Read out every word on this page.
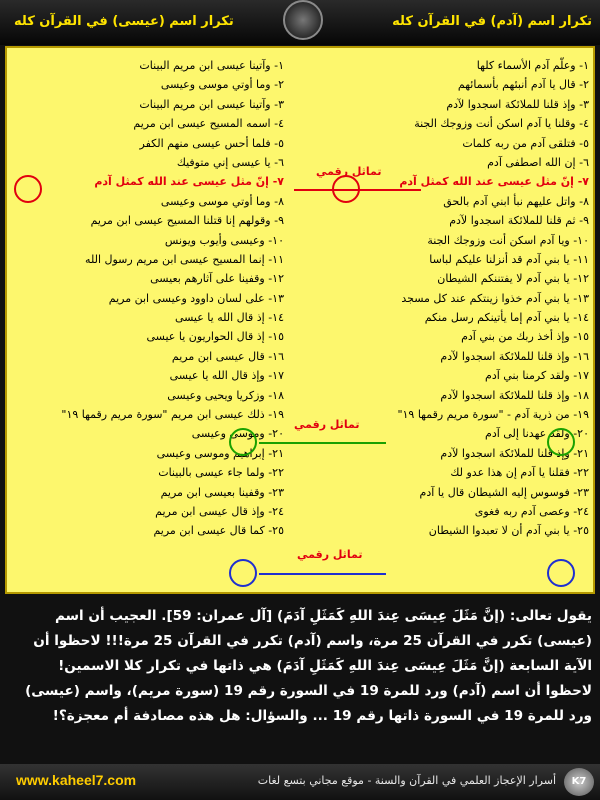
تكرار اسم (آدم) في القرآن كله
تكرار اسم (عيسى) في القرآن كله
١- وعلّم آدم الأسماء كلها
٢- قال يا آدم أنبئهم بأسمائهم
٣- وإذ قلنا للملائكة اسجدوا لآدم
٤- وقلنا يا آدم اسكن أنت وزوجك الجنة
٥- فتلقى آدم من ربه كلمات
٦- إن الله اصطفى آدم
٧- إنّ مثل عيسى عند الله كمثل آدم
٨- واتل عليهم نبأ ابني آدم بالحق
٩- ثم قلنا للملائكة اسجدوا لآدم
١٠- ويا آدم اسكن أنت وزوجك الجنة
١١- يا بني آدم قد أنزلنا عليكم لباسا
١٢- يا بني آدم لا يفتننكم الشيطان
١٣- يا بني آدم خذوا زينتكم عند كل مسجد
١٤- يا بني آدم إما يأتينكم رسل منكم
١٥- وإذ أخذ ربك من بني آدم
١٦- وإذ قلنا للملائكة اسجدوا لآدم
١٧- ولقد كرمنا بني آدم
١٨- وإذ قلنا للملائكة اسجدوا لآدم
١٩- من ذرية آدم - "سورة مريم رقمها ١٩"
٢٠- ولقد عهدنا إلى آدم
٢١- وإذ قلنا للملائكة اسجدوا لآدم
٢٢- فقلنا يا آدم إن هذا عدو لك
٢٣- فوسوس إليه الشيطان قال يا آدم
٢٤- وعصى آدم ربه فغوى
٢٥- يا بني آدم أن لا تعبدوا الشيطان
١- وآتينا عيسى ابن مريم البينات
٢- وما أوتي موسى وعيسى
٣- وآتينا عيسى ابن مريم البينات
٤- اسمه المسيح عيسى ابن مريم
٥- فلما أحس عيسى منهم الكفر
٦- يا عيسى إني متوفيك
٧- إنّ مثل عيسى عند الله كمثل آدم
٨- وما أوتي موسى وعيسى
٩- وقولهم إنا قتلنا المسيح عيسى ابن مريم
١٠- وعيسى وأيوب ويونس
١١- إنما المسيح عيسى ابن مريم رسول الله
١٢- وقفينا على آثارهم بعيسى
١٣- على لسان داوود وعيسى ابن مريم
١٤- إذ قال الله يا عيسى
١٥- إذ قال الحواريون يا عيسى
١٦- قال عيسى ابن مريم
١٧- وإذ قال الله يا عيسى
١٨- وزكريا ويحيى وعيسى
١٩- ذلك عيسى ابن مريم "سورة مريم رقمها ١٩"
٢٠- وموسى وعيسى
٢١- إبراهيم وموسى وعيسى
٢٢- ولما جاء عيسى بالبينات
٢٣- وقفينا بعيسى ابن مريم
٢٤- وإذ قال عيسى ابن مريم
٢٥- كما قال عيسى ابن مريم
تماثل رقمي
تماثل رقمي
تماثل رقمي
يقول تعالى: (إنَّ مَثَلَ عِيسَى عِندَ اللهِ كَمَثَلِ آدَمَ) [آل عمران: 59]. العجيب أن اسم
(عيسى) تكرر في القرآن 25 مرة، واسم (آدم) تكرر في القرآن 25 مرة!!! لاحظوا أن
الآية السابعة (إنَّ مَثَلَ عِيسَى عِندَ اللهِ كَمَثَلِ آدَمَ) هي ذاتها في تكرار كلا الاسمين!
لاحظوا أن اسم (آدم) ورد للمرة 19 في السورة رقم 19 (سورة مريم)، واسم (عيسى)
ورد للمرة 19 في السورة ذاتها رقم 19 ... والسؤال: هل هذه مصادفة أم معجزة؟!
www.kaheel7.com	أسرار الإعجاز العلمي في القرآن والسنة - موقع مجاني بتسع لغات	K7
